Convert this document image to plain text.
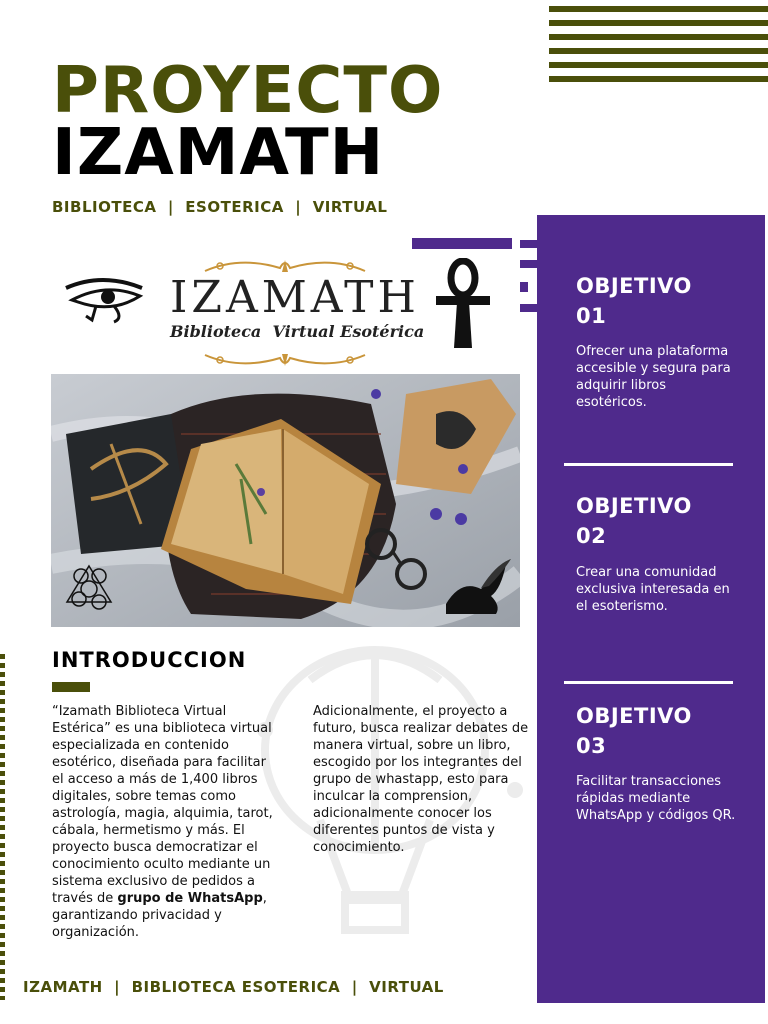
PROYECTO
IZAMATH
BIBLIOTECA  |  ESOTERICA  |  VIRTUAL
IZAMATH
Biblioteca  Virtual Esotérica
OBJETIVO
01
Ofrecer una plataforma accesible y segura para adquirir libros esotéricos.
OBJETIVO
02
Crear una comunidad exclusiva interesada en el esoterismo.
OBJETIVO
03
Facilitar transacciones rápidas mediante WhatsApp y códigos QR.
INTRODUCCION
“Izamath Biblioteca Virtual Estérica” es una biblioteca virtual especializada en contenido esotérico, diseñada para facilitar el acceso a más de 1,400 libros digitales, sobre temas como astrología, magia, alquimia, tarot, cábala, hermetismo y más. El proyecto busca democratizar el conocimiento oculto mediante un sistema exclusivo de pedidos a través de grupo de WhatsApp, garantizando privacidad y organización.
Adicionalmente, el proyecto a futuro, busca realizar debates de manera virtual, sobre un libro, escogido por los integrantes del grupo de whastapp, esto para inculcar la comprension, adicionalmente conocer los diferentes puntos de vista y conocimiento.
IZAMATH  |  BIBLIOTECA ESOTERICA  |  VIRTUAL
